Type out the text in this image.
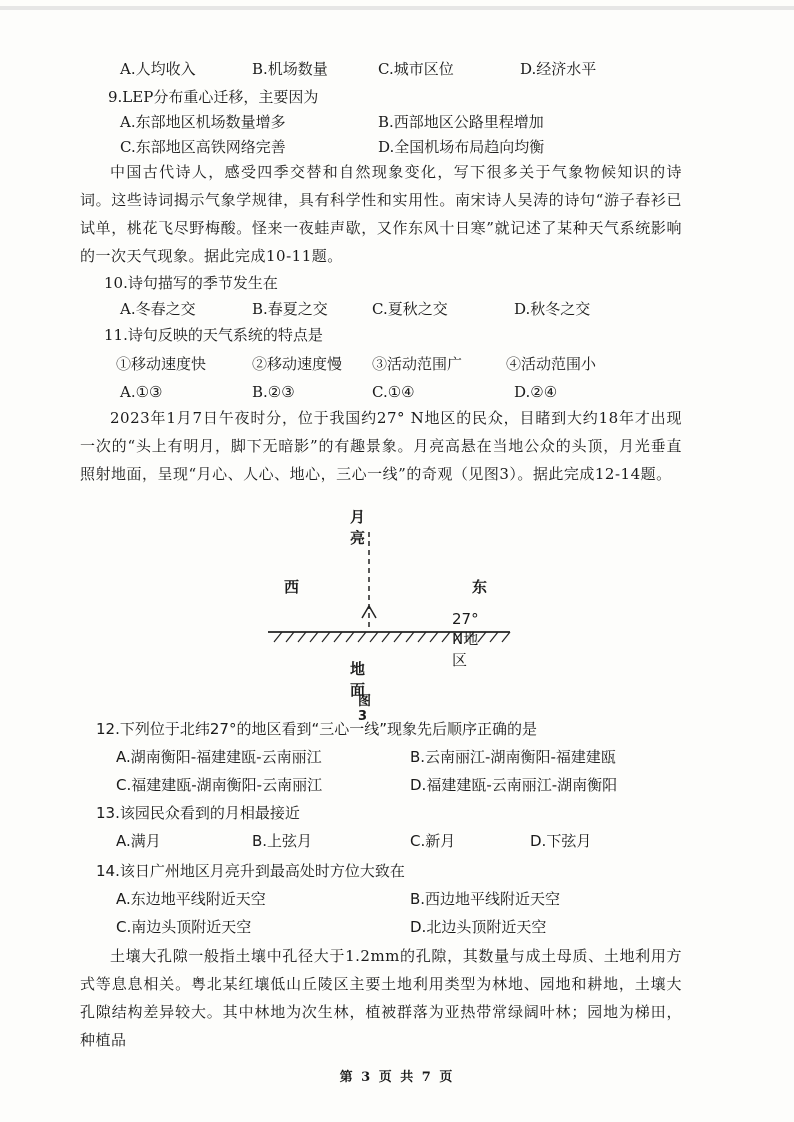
A.人均收入	B.机场数量	C.城市区位	D.经济水平
9.LEP分布重心迁移，主要因为
A.东部地区机场数量增多	B.西部地区公路里程增加
C.东部地区高铁网络完善	D.全国机场布局趋向均衡
中国古代诗人，感受四季交替和自然现象变化，写下很多关于气象物候知识的诗词。这些诗词揭示气象学规律，具有科学性和实用性。南宋诗人吴涛的诗句“游子春衫已试单，桃花飞尽野梅酸。怪来一夜蛙声歇，又作东风十日寒”就记述了某种天气系统影响的一次天气现象。据此完成10-11题。
10.诗句描写的季节发生在
A.冬春之交	B.春夏之交	C.夏秋之交	D.秋冬之交
11.诗句反映的天气系统的特点是
①移动速度快	②移动速度慢 ③活动范围广	④活动范围小
A.①③	B.②③	C.①④	D.②④
2023年1月7日午夜时分，位于我国约27° N地区的民众，目睹到大约18年才出现一次的“头上有明月，脚下无暗影”的有趣景象。月亮高悬在当地公众的头顶，月光垂直照射地面，呈现“月心、人心、地心，三心一线”的奇观（见图3）。据此完成12-14题。
月亮
西	东
27° N地区
地面
图3
12.下列位于北纬27°的地区看到“三心一线”现象先后顺序正确的是
A.湖南衡阳-福建建瓯-云南丽江	B.云南丽江-湖南衡阳-福建建瓯
C.福建建瓯-湖南衡阳-云南丽江	D.福建建瓯-云南丽江-湖南衡阳
13.该园民众看到的月相最接近
A.满月	B.上弦月	C.新月	D.下弦月
14.该日广州地区月亮升到最高处时方位大致在
A.东边地平线附近天空	B.西边地平线附近天空
C.南边头顶附近天空	D.北边头顶附近天空
土壤大孔隙一般指土壤中孔径大于1.2mm的孔隙，其数量与成土母质、土地利用方式等息息相关。粤北某红壤低山丘陵区主要土地利用类型为林地、园地和耕地，土壤大孔隙结构差异较大。其中林地为次生林，植被群落为亚热带常绿阔叶林；园地为梯田，种植品
第 3 页 共 7 页
